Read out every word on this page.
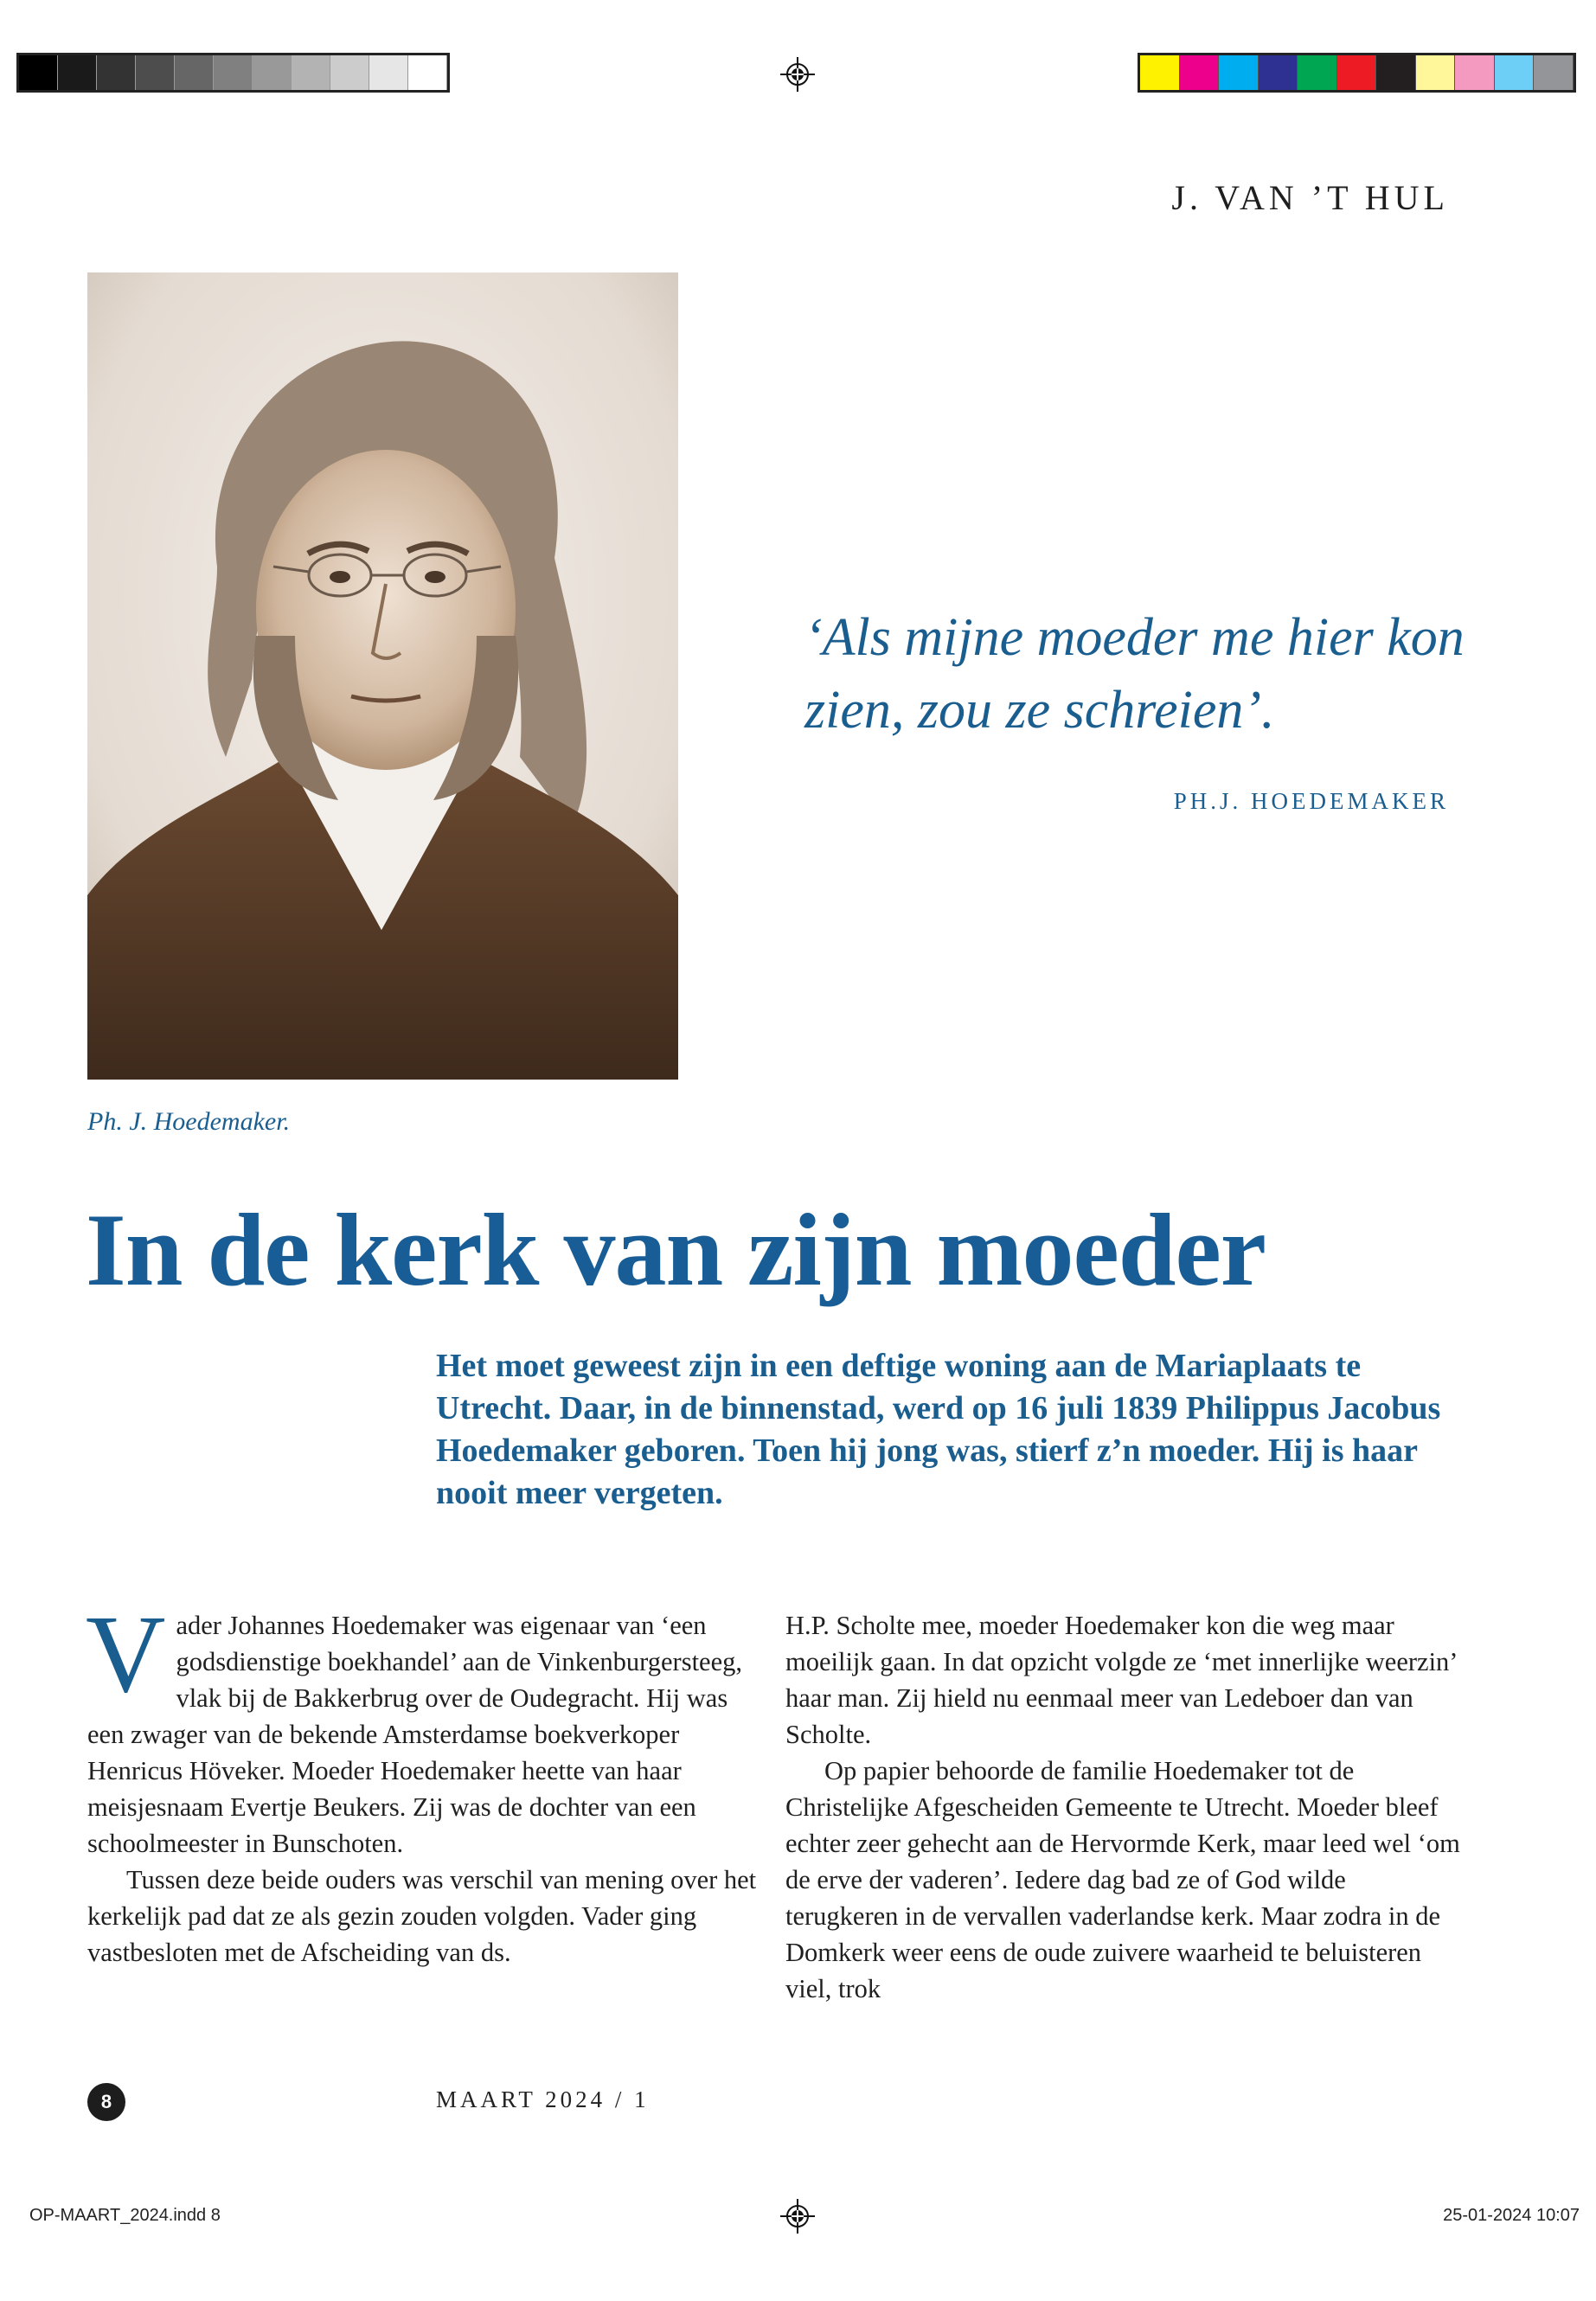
J. VAN ’T HUL
‘Als mijne moeder me hier kon zien, zou ze schreien’.
PH.J. HOEDEMAKER
Ph. J. Hoedemaker.
In de kerk van zijn moeder
Het moet geweest zijn in een deftige woning aan de Mariaplaats te Utrecht. Daar, in de binnenstad, werd op 16 juli 1839 Philippus Jacobus Hoedemaker geboren. Toen hij jong was, stierf z’n moeder. Hij is haar nooit meer vergeten.

Vader Johannes Hoedemaker was eigenaar van ‘een godsdienstige boekhandel’ aan de Vinkenburgersteeg, vlak bij de Bakkerbrug over de Oudegracht. Hij was een zwager van de bekende Amsterdamse boekverkoper Henricus Höveker. Moeder Hoedemaker heette van haar meisjesnaam Evertje Beukers. Zij was de dochter van een schoolmeester in Bunschoten.

Tussen deze beide ouders was verschil van mening over het kerkelijk pad dat ze als gezin zouden volgden. Vader ging vastbesloten met de Afscheiding van ds.

H.P. Scholte mee, moeder Hoedemaker kon die weg maar moeilijk gaan. In dat opzicht volgde ze ‘met innerlijke weerzin’ haar man. Zij hield nu eenmaal meer van Ledeboer dan van Scholte.

Op papier behoorde de familie Hoedemaker tot de Christelijke Afgescheiden Gemeente te Utrecht. Moeder bleef echter zeer gehecht aan de Hervormde Kerk, maar leed wel ‘om de erve der vaderen’. Iedere dag bad ze of God wilde terugkeren in de vervallen vaderlandse kerk. Maar zodra in de Domkerk weer eens de oude zuivere waarheid te beluisteren viel, trok

8	MAART 2024 / 1
OP-MAART_2024.indd 8	25-01-2024 10:07
